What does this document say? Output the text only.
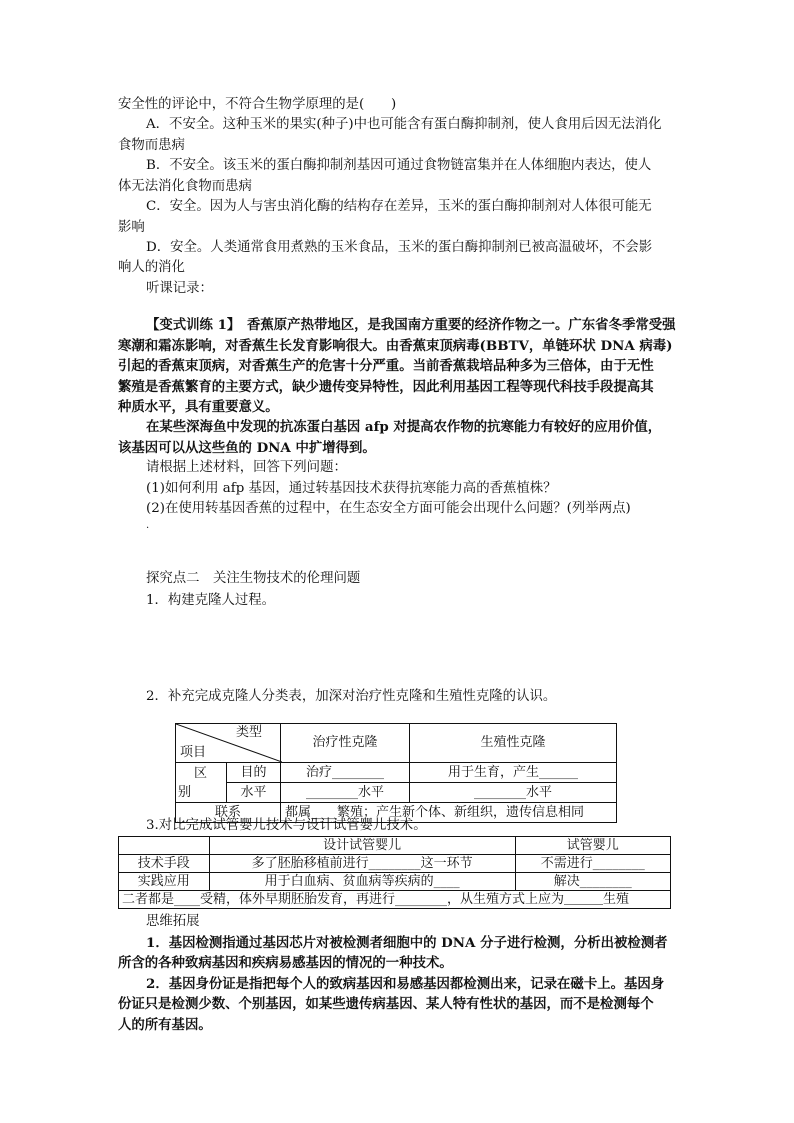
安全性的评论中，不符合生物学原理的是(　　)
A．不安全。这种玉米的果实(种子)中也可能含有蛋白酶抑制剂，使人食用后因无法消化
食物而患病
B．不安全。该玉米的蛋白酶抑制剂基因可通过食物链富集并在人体细胞内表达，使人
体无法消化食物而患病
C．安全。因为人与害虫消化酶的结构存在差异，玉米的蛋白酶抑制剂对人体很可能无
影响
D．安全。人类通常食用煮熟的玉米食品，玉米的蛋白酶抑制剂已被高温破坏，不会影
响人的消化
听课记录：
【变式训练 1】　香蕉原产热带地区，是我国南方重要的经济作物之一。广东省冬季常受强
寒潮和霜冻影响，对香蕉生长发育影响很大。由香蕉束顶病毒(BBTV，单链环状 DNA 病毒)
引起的香蕉束顶病，对香蕉生产的危害十分严重。当前香蕉栽培品种多为三倍体，由于无性
繁殖是香蕉繁育的主要方式，缺少遗传变异特性，因此利用基因工程等现代科技手段提高其
种质水平，具有重要意义。
在某些深海鱼中发现的抗冻蛋白基因 afp 对提高农作物的抗寒能力有较好的应用价值，
该基因可以从这些鱼的 DNA 中扩增得到。
请根据上述材料，回答下列问题：
(1)如何利用 afp 基因，通过转基因技术获得抗寒能力高的香蕉植株？
(2)在使用转基因香蕉的过程中，在生态安全方面可能会出现什么问题？(列举两点)
.
探究点二　关注生物技术的伦理问题
1．构建克隆人过程。
2．补充完成克隆人分类表，加深对治疗性克隆和生殖性克隆的认识。
类型
项目		治疗性克隆	生殖性克隆

区
别	目的	治疗________	用于生育，产生______
	水平	________水平	________水平
联系		都属____繁殖；产生新个体、新组织，遗传信息相同	
3.对比完成试管婴儿技术与设计试管婴儿技术。
	设计试管婴儿	试管婴儿
技术手段	多了胚胎移植前进行________这一环节	不需进行________
实践应用	用于白血病、贫血病等疾病的____	解决________
二者都是____受精，体外早期胚胎发育，再进行________，从生殖方式上应为＿＿＿生殖		
思维拓展
1．基因检测指通过基因芯片对被检测者细胞中的 DNA 分子进行检测，分析出被检测者
所含的各种致病基因和疾病易感基因的情况的一种技术。
2．基因身份证是指把每个人的致病基因和易感基因都检测出来，记录在磁卡上。基因身
份证只是检测少数、个别基因，如某些遗传病基因、某人特有性状的基因，而不是检测每个
人的所有基因。
